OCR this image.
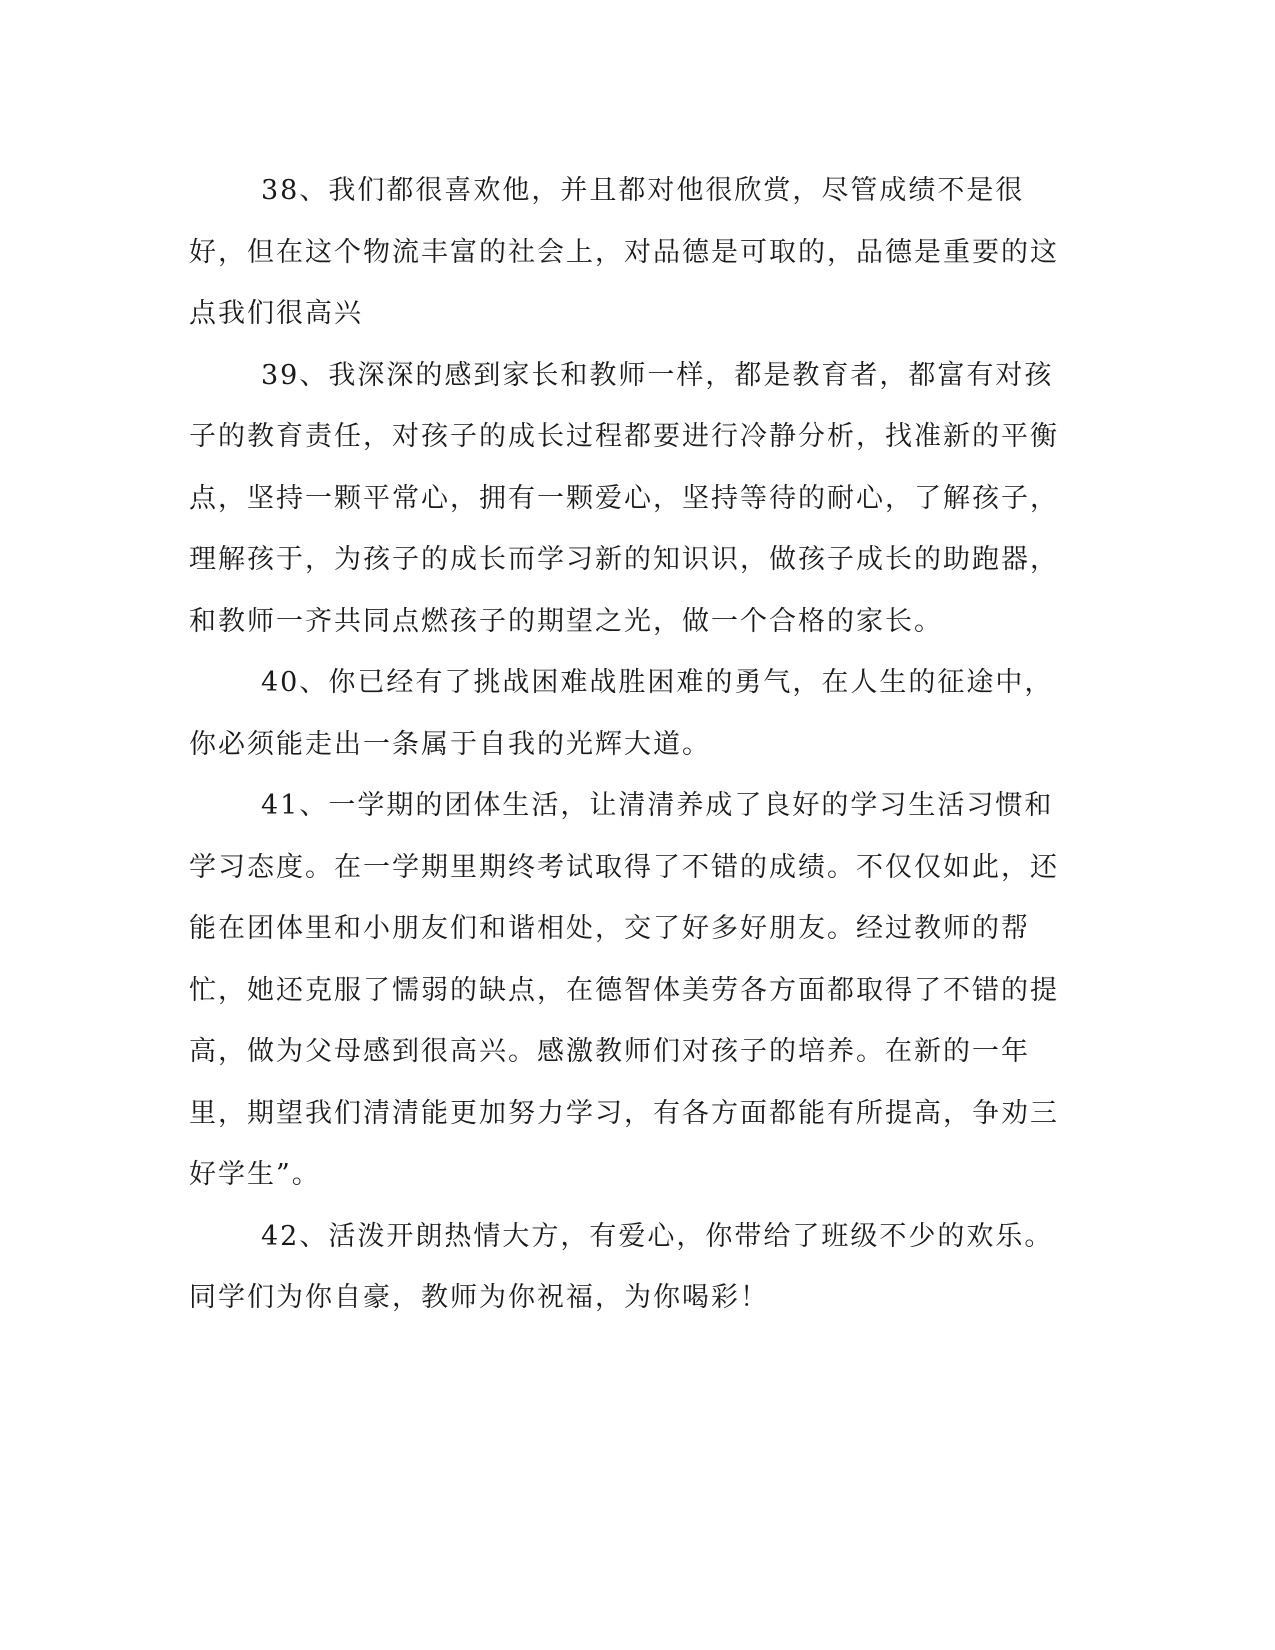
38、我们都很喜欢他，并且都对他很欣赏，尽管成绩不是很好，但在这个物流丰富的社会上，对品德是可取的，品德是重要的这点我们很高兴

39、我深深的感到家长和教师一样，都是教育者，都富有对孩子的教育责任，对孩子的成长过程都要进行冷静分析，找准新的平衡点，坚持一颗平常心，拥有一颗爱心，坚持等待的耐心，了解孩子，理解孩于，为孩子的成长而学习新的知识识，做孩子成长的助跑器，和教师一齐共同点燃孩子的期望之光，做一个合格的家长。

40、你已经有了挑战困难战胜困难的勇气，在人生的征途中，你必须能走出一条属于自我的光辉大道。

41、一学期的团体生活，让清清养成了良好的学习生活习惯和学习态度。在一学期里期终考试取得了不错的成绩。不仅仅如此，还能在团体里和小朋友们和谐相处，交了好多好朋友。经过教师的帮忙，她还克服了懦弱的缺点，在德智体美劳各方面都取得了不错的提高，做为父母感到很高兴。感激教师们对孩子的培养。在新的一年里，期望我们清清能更加努力学习，有各方面都能有所提高，争劝三好学生”。

42、活泼开朗热情大方，有爱心，你带给了班级不少的欢乐。同学们为你自豪，教师为你祝福，为你喝彩！
